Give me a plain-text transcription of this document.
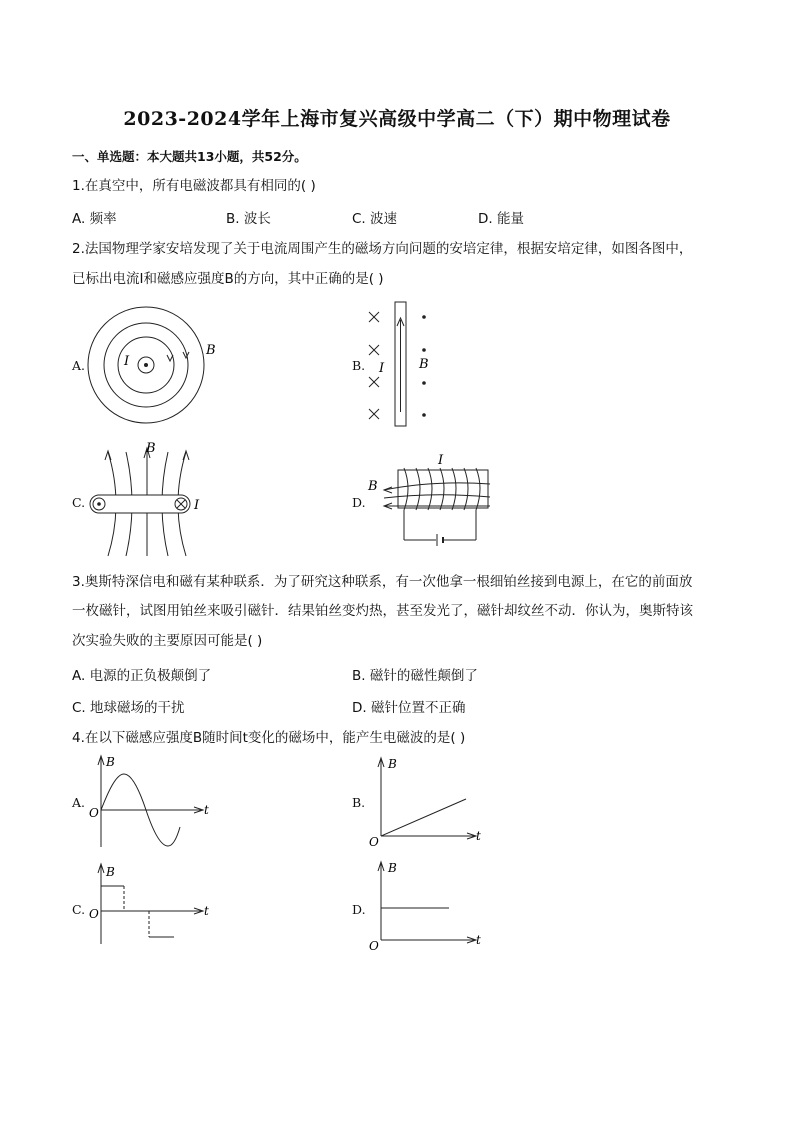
2023-2024学年上海市复兴高级中学高二（下）期中物理试卷
一、单选题：本大题共13小题，共52分。
1.在真空中，所有电磁波都具有相同的( )
A. 频率	B. 波长	C. 波速	D. 能量
2.法国物理学家安培发现了关于电流周围产生的磁场方向问题的安培定律，根据安培定律，如图各图中，
已标出电流I和磁感应强度B的方向，其中正确的是( )
A.	I
B
B. I	B
C.
B
I	D.
I
B
3.奥斯特深信电和磁有某种联系．为了研究这种联系，有一次他拿一根细铂丝接到电源上，在它的前面放
一枚磁针，试图用铂丝来吸引磁针．结果铂丝变灼热，甚至发光了，磁针却纹丝不动．你认为，奥斯特该
次实验失败的主要原因可能是( )
A. 电源的正负极颠倒了	B. 磁针的磁性颠倒了
C. 地球磁场的干扰	D. 磁针位置不正确
4.在以下磁感应强度B随时间t变化的磁场中，能产生电磁波的是( )
A.
B
t
O
B.
B
t
O
C.
B
t
O	D.
B
t
O
